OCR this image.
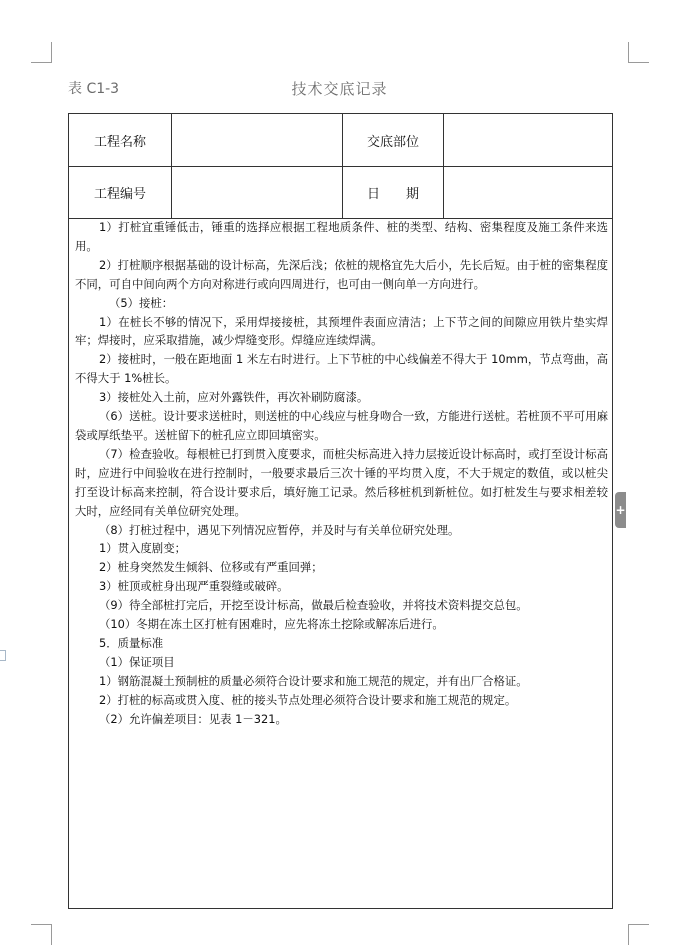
表 C1-3	技术交底记录
工程名称	交底部位
工程编号	日　　期

1）打桩宜重锤低击，锤重的选择应根据工程地质条件、桩的类型、结构、密集程度及施工条件来选用。

2）打桩顺序根据基础的设计标高，先深后浅；依桩的规格宜先大后小，先长后短。由于桩的密集程度不同，可自中间向两个方向对称进行或向四周进行，也可由一侧向单一方向进行。

（5）接桩：

1）在桩长不够的情况下，采用焊接接桩，其预埋件表面应清洁；上下节之间的间隙应用铁片垫实焊牢；焊接时，应采取措施，减少焊缝变形。焊缝应连续焊满。

2）接桩时，一般在距地面 1 米左右时进行。上下节桩的中心线偏差不得大于 10mm，节点弯曲，高不得大于 1%桩长。

3）接桩处入土前，应对外露铁件，再次补刷防腐漆。

（6）送桩。设计要求送桩时，则送桩的中心线应与桩身吻合一致，方能进行送桩。若桩顶不平可用麻袋或厚纸垫平。送桩留下的桩孔应立即回填密实。

（7）检查验收。每根桩已打到贯入度要求，而桩尖标高进入持力层接近设计标高时，或打至设计标高时，应进行中间验收在进行控制时，一般要求最后三次十锤的平均贯入度，不大于规定的数值，或以桩尖打至设计标高来控制，符合设计要求后，填好施工记录。然后移桩机到新桩位。如打桩发生与要求相差较大时，应经同有关单位研究处理。

（8）打桩过程中，遇见下列情况应暂停，并及时与有关单位研究处理。

1）贯入度剧变；

2）桩身突然发生倾斜、位移或有严重回弹；

3）桩顶或桩身出现严重裂缝或破碎。

（9）待全部桩打完后，开挖至设计标高，做最后检查验收，并将技术资料提交总包。

（10）冬期在冻土区打桩有困难时，应先将冻土挖除或解冻后进行。

5．质量标准

（1）保证项目

1）钢筋混凝土预制桩的质量必须符合设计要求和施工规范的规定，并有出厂合格证。

2）打桩的标高或贯入度、桩的接头节点处理必须符合设计要求和施工规范的规定。

（2）允许偏差项目：见表 1－321。

+
